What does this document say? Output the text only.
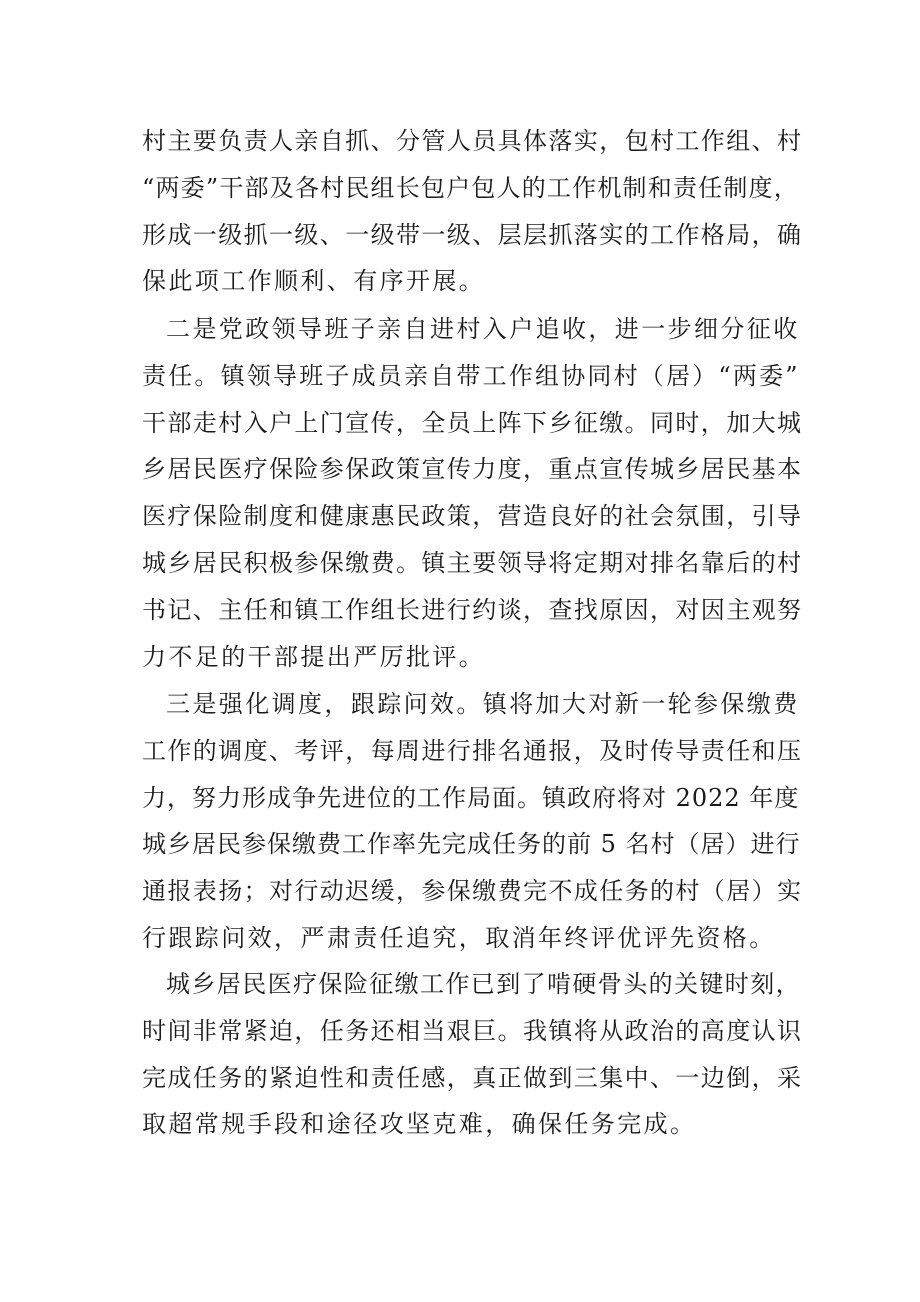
村主要负责人亲自抓、分管人员具体落实，包村工作组、村
“两委”干部及各村民组长包户包人的工作机制和责任制度，
形成一级抓一级、一级带一级、层层抓落实的工作格局，确
保此项工作顺利、有序开展。
二是党政领导班子亲自进村入户追收，进一步细分征收
责任。镇领导班子成员亲自带工作组协同村（居）“两委”
干部走村入户上门宣传，全员上阵下乡征缴。同时，加大城
乡居民医疗保险参保政策宣传力度，重点宣传城乡居民基本
医疗保险制度和健康惠民政策，营造良好的社会氛围，引导
城乡居民积极参保缴费。镇主要领导将定期对排名靠后的村
书记、主任和镇工作组长进行约谈，查找原因，对因主观努
力不足的干部提出严厉批评。
三是强化调度，跟踪问效。镇将加大对新一轮参保缴费
工作的调度、考评，每周进行排名通报，及时传导责任和压
力，努力形成争先进位的工作局面。镇政府将对 2022 年度
城乡居民参保缴费工作率先完成任务的前 5 名村（居）进行
通报表扬；对行动迟缓，参保缴费完不成任务的村（居）实
行跟踪问效，严肃责任追究，取消年终评优评先资格。
城乡居民医疗保险征缴工作已到了啃硬骨头的关键时刻，
时间非常紧迫，任务还相当艰巨。我镇将从政治的高度认识
完成任务的紧迫性和责任感，真正做到三集中、一边倒，采
取超常规手段和途径攻坚克难，确保任务完成。
